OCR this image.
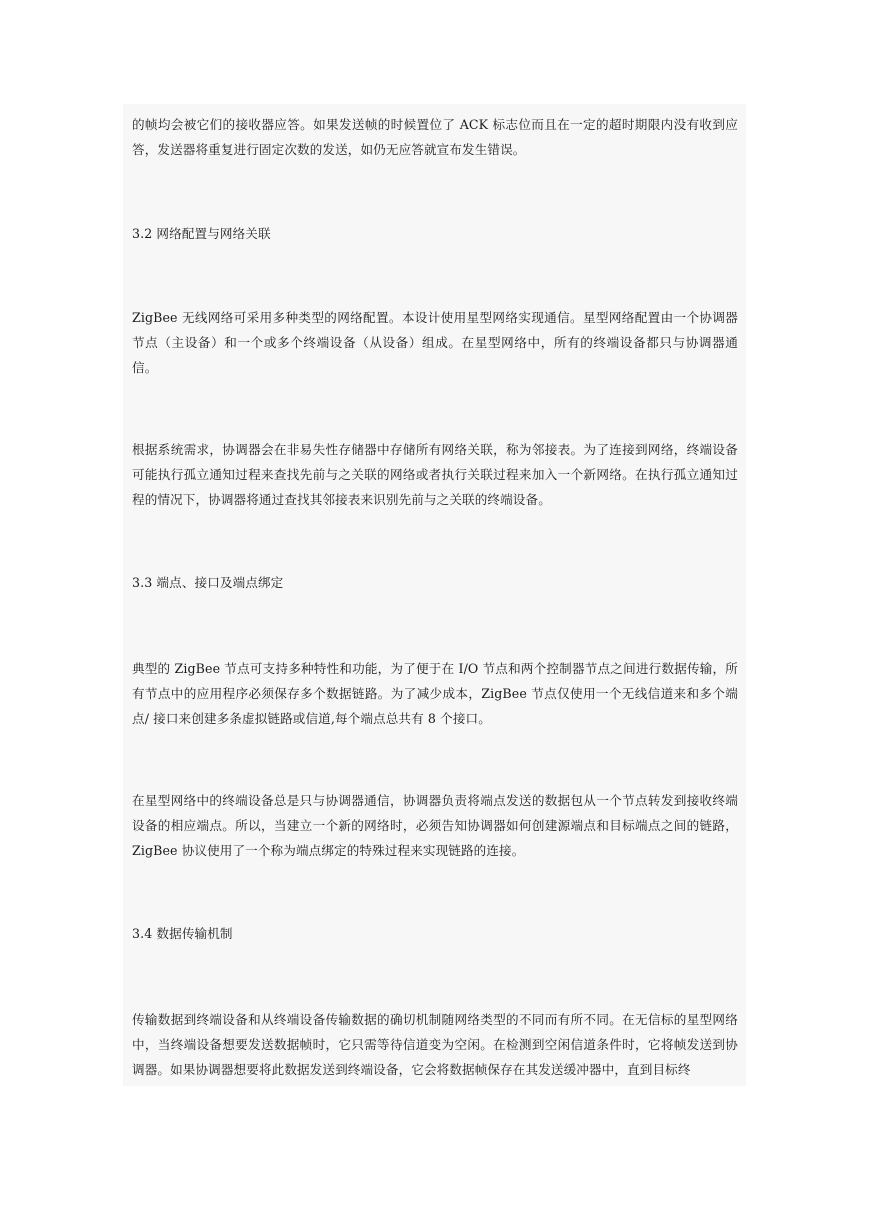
的帧均会被它们的接收器应答。如果发送帧的时候置位了 ACK 标志位而且在一定的超时期限内没有收到应答，发送器将重复进行固定次数的发送，如仍无应答就宣布发生错误。

3.2 网络配置与网络关联

ZigBee 无线网络可采用多种类型的网络配置。本设计使用星型网络实现通信。星型网络配置由一个协调器节点（主设备）和一个或多个终端设备（从设备）组成。在星型网络中，所有的终端设备都只与协调器通信。

根据系统需求，协调器会在非易失性存储器中存储所有网络关联，称为邻接表。为了连接到网络，终端设备可能执行孤立通知过程来查找先前与之关联的网络或者执行关联过程来加入一个新网络。在执行孤立通知过程的情况下，协调器将通过查找其邻接表来识别先前与之关联的终端设备。

3.3 端点、接口及端点绑定

典型的 ZigBee 节点可支持多种特性和功能，为了便于在 I/O 节点和两个控制器节点之间进行数据传输，所有节点中的应用程序必须保存多个数据链路。为了减少成本，ZigBee 节点仅使用一个无线信道来和多个端点/ 接口来创建多条虚拟链路或信道,每个端点总共有 8 个接口。

在星型网络中的终端设备总是只与协调器通信，协调器负责将端点发送的数据包从一个节点转发到接收终端设备的相应端点。所以，当建立一个新的网络时，必须告知协调器如何创建源端点和目标端点之间的链路，ZigBee 协议使用了一个称为端点绑定的特殊过程来实现链路的连接。

3.4 数据传输机制

传输数据到终端设备和从终端设备传输数据的确切机制随网络类型的不同而有所不同。在无信标的星型网络中，当终端设备想要发送数据帧时，它只需等待信道变为空闲。在检测到空闲信道条件时，它将帧发送到协调器。如果协调器想要将此数据发送到终端设备，它会将数据帧保存在其发送缓冲器中，直到目标终
